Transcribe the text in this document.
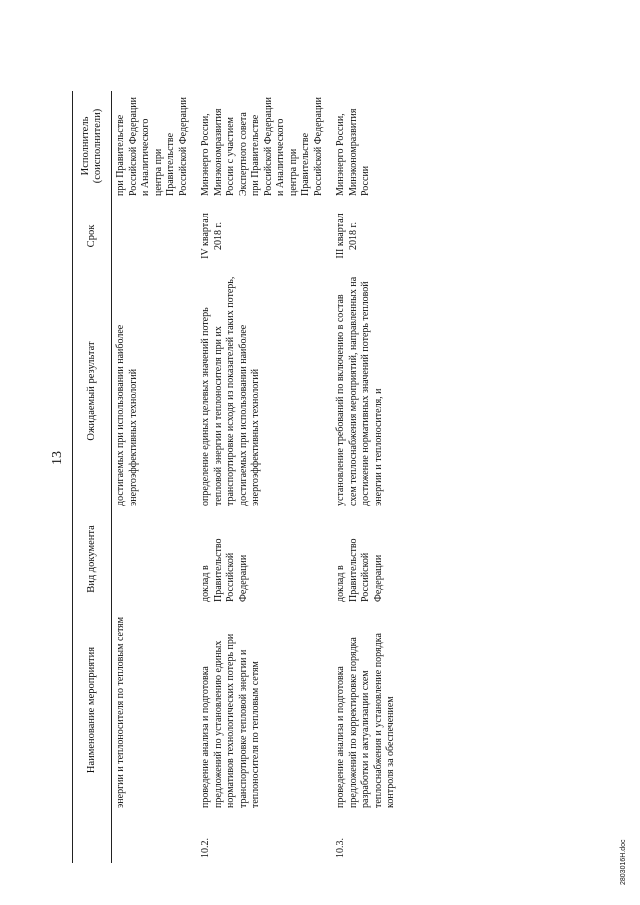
13
	Наименование мероприятия	Вид документа	Ожидаемый результат	Срок	Исполнитель (соисполнители)
	энергии и теплоносителя по тепловым сетям		достигаемых при использовании наиболее энергоэффективных технологий		при Правительстве Российской Федерации и Аналитического центра при Правительстве Российской Федерации
10.2.	проведение анализа и подготовка предложений по установлению единых нормативов технологических потерь при транспортировке тепловой энергии и теплоносителя по тепловым сетям	доклад в Правительство Российской Федерации	определение единых целевых значений потерь тепловой энергии и теплоносителя при их транспортировке исходя из показателей таких потерь, достигаемых при использовании наиболее энергоэффективных технологий	IV квартал 2018 г.	Минэнерго России, Минэкономразвития России с участием Экспертного совета при Правительстве Российской Федерации и Аналитического центра при Правительстве Российской Федерации
10.3.	проведение анализа и подготовка предложений по корректировке порядка разработки и актуализации схем теплоснабжения и установление порядка контроля за обеспечением	доклад в Правительство Российской Федерации	установление требований по включению в состав схем теплоснабжения мероприятий, направленных на достижение нормативных значений потерь тепловой энергии и теплоносителя, и	III квартал 2018 г.	Минэнерго России, Минэкономразвития России
2803016Н.doc
